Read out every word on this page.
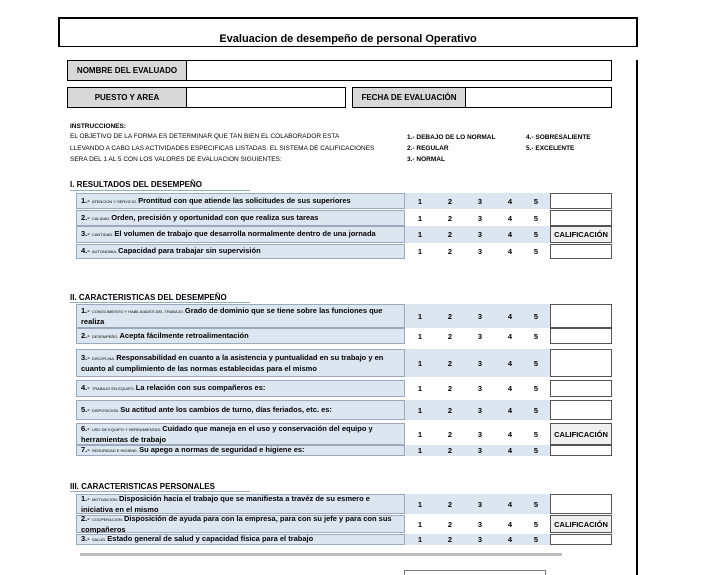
Evaluacion de desempeño de personal Operativo
NOMBRE DEL EVALUADO
PUESTO Y AREA	FECHA DE EVALUACIÓN
INSTRUCCIONES:
EL OBJETIVO DE LA FORMA ES DETERMINAR QUE TAN BIEN EL COLABORADOR ESTA
LLEVANDO A CABO LAS ACTIVIDADES ESPECIFICAS LISTADAS. EL SISTEMA DE CALIFICACIONES
SERA DEL 1 AL 5 CON LOS VALORES DE EVALUACION SIGUIENTES:
1.- DEBAJO DE LO NORMAL
2.- REGULAR
3.- NORMAL
4.- SOBRESALIENTE
5.- EXCELENTE
I. RESULTADOS DEL DESEMPEÑO
II. CARACTERISTICAS DEL DESEMPEÑO
III. CARACTERISTICAS PERSONALES
1.- ATENCION Y SERVICIO.Prontitud con que atiende las solicitudes de sus superiores	1	2	3	4	5
2.- CALIDAD.Orden, precisión y oportunidad con que realiza sus tareas	1	2	3	4	5
3.- CANTIDAD.El volumen de trabajo que desarrolla normalmente dentro de una jornada	1	2	3	4	5	CALIFICACIÓN
4.- AUTONOMIA.Capacidad para trabajar sin supervisión	1	2	3	4	5
1.- CONOCIMIENTO Y HABILIDADES DEL TRABAJO.Grado de dominio que se tiene sobre las funciones que realiza
1	2	3	4	5
2.- DESEMPEÑO.Acepta fácilmente retroalimentación	1	2	3	4	5
3.- DISCIPLINA.Responsabilidad en cuanto a la asistencia y puntualidad en su trabajo y en cuanto al cumplimiento de las normas establecidas para el mismo
1	2	3	4	5
4.- TRABAJO EN EQUIPO.La relación con sus compañeros es:	1	2	3	4	5
5.- DISPOSICION.Su actitud ante los cambios de turno, días feriados, etc. es:	1	2	3	4	5
6.- USO DE EQUIPO Y HERRAMIENTAS.Cuidado que maneja en el uso y conservación del equipo y herramientas de trabajo
1	2	3	4	5	CALIFICACIÓN
7.- SEGURIDAD E HIGIENE.Su apego a normas de seguridad e higiene es:	1	2	3	4	5
1.- MOTIVACION.Disposición hacia el trabajo que se manifiesta a travéz de su esmero e iniciativa en el mismo
1	2	3	4	5
2.- COOPERACION.Disposición de ayuda para con la empresa, para con su jefe y para con sus compañeros
1	2	3	4	5	CALIFICACIÓN
3.- SALUD.Estado general de salud y capacidad física para el trabajo	1	2	3	4	5
